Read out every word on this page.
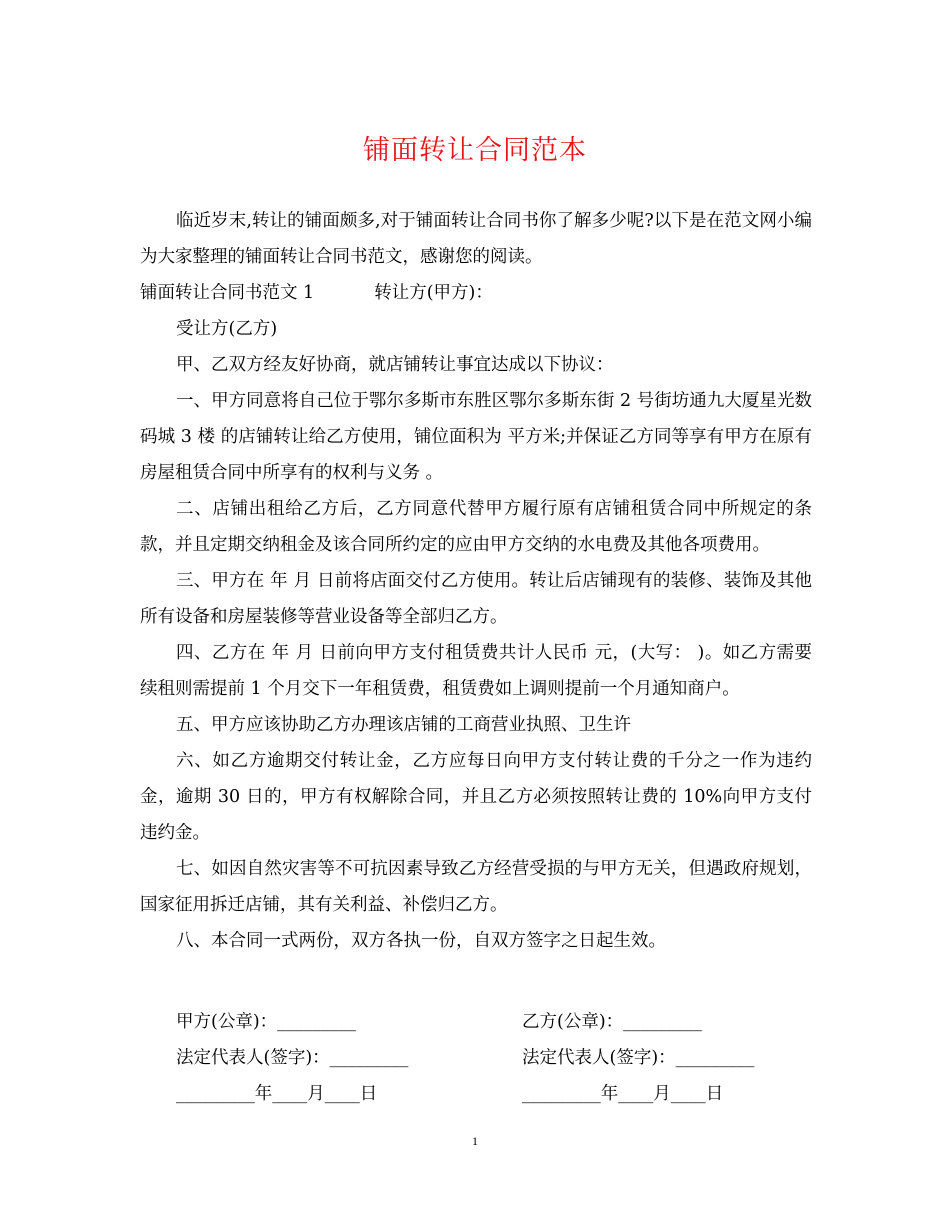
铺面转让合同范本

临近岁末,转让的铺面颇多,对于铺面转让合同书你了解多少呢?以下是在范文网小编为大家整理的铺面转让合同书范文，感谢您的阅读。

铺面转让合同书范文 1	转让方(甲方)：

受让方(乙方)

甲、乙双方经友好协商，就店铺转让事宜达成以下协议：

一、甲方同意将自己位于鄂尔多斯市东胜区鄂尔多斯东街 2 号街坊通九大厦星光数码城 3 楼 的店铺转让给乙方使用，铺位面积为 平方米;并保证乙方同等享有甲方在原有房屋租赁合同中所享有的权利与义务 。

二、店铺出租给乙方后，乙方同意代替甲方履行原有店铺租赁合同中所规定的条款，并且定期交纳租金及该合同所约定的应由甲方交纳的水电费及其他各项费用。

三、甲方在 年 月 日前将店面交付乙方使用。转让后店铺现有的装修、装饰及其他所有设备和房屋装修等营业设备等全部归乙方。

四、乙方在 年 月 日前向甲方支付租赁费共计人民币 元，(大写： )。如乙方需要续租则需提前 1 个月交下一年租赁费，租赁费如上调则提前一个月通知商户。

五、甲方应该协助乙方办理该店铺的工商营业执照、卫生许

六、如乙方逾期交付转让金，乙方应每日向甲方支付转让费的千分之一作为违约金，逾期 30 日的，甲方有权解除合同，并且乙方必须按照转让费的 10%向甲方支付违约金。

七、如因自然灾害等不可抗因素导致乙方经营受损的与甲方无关，但遇政府规划，国家征用拆迁店铺，其有关利益、补偿归乙方。

八、本合同一式两份，双方各执一份，自双方签字之日起生效。

甲方(公章)：_________	乙方(公章)：_________
法定代表人(签字)：_________	法定代表人(签字)：_________
_________年____月____日	_________年____月____日
1
